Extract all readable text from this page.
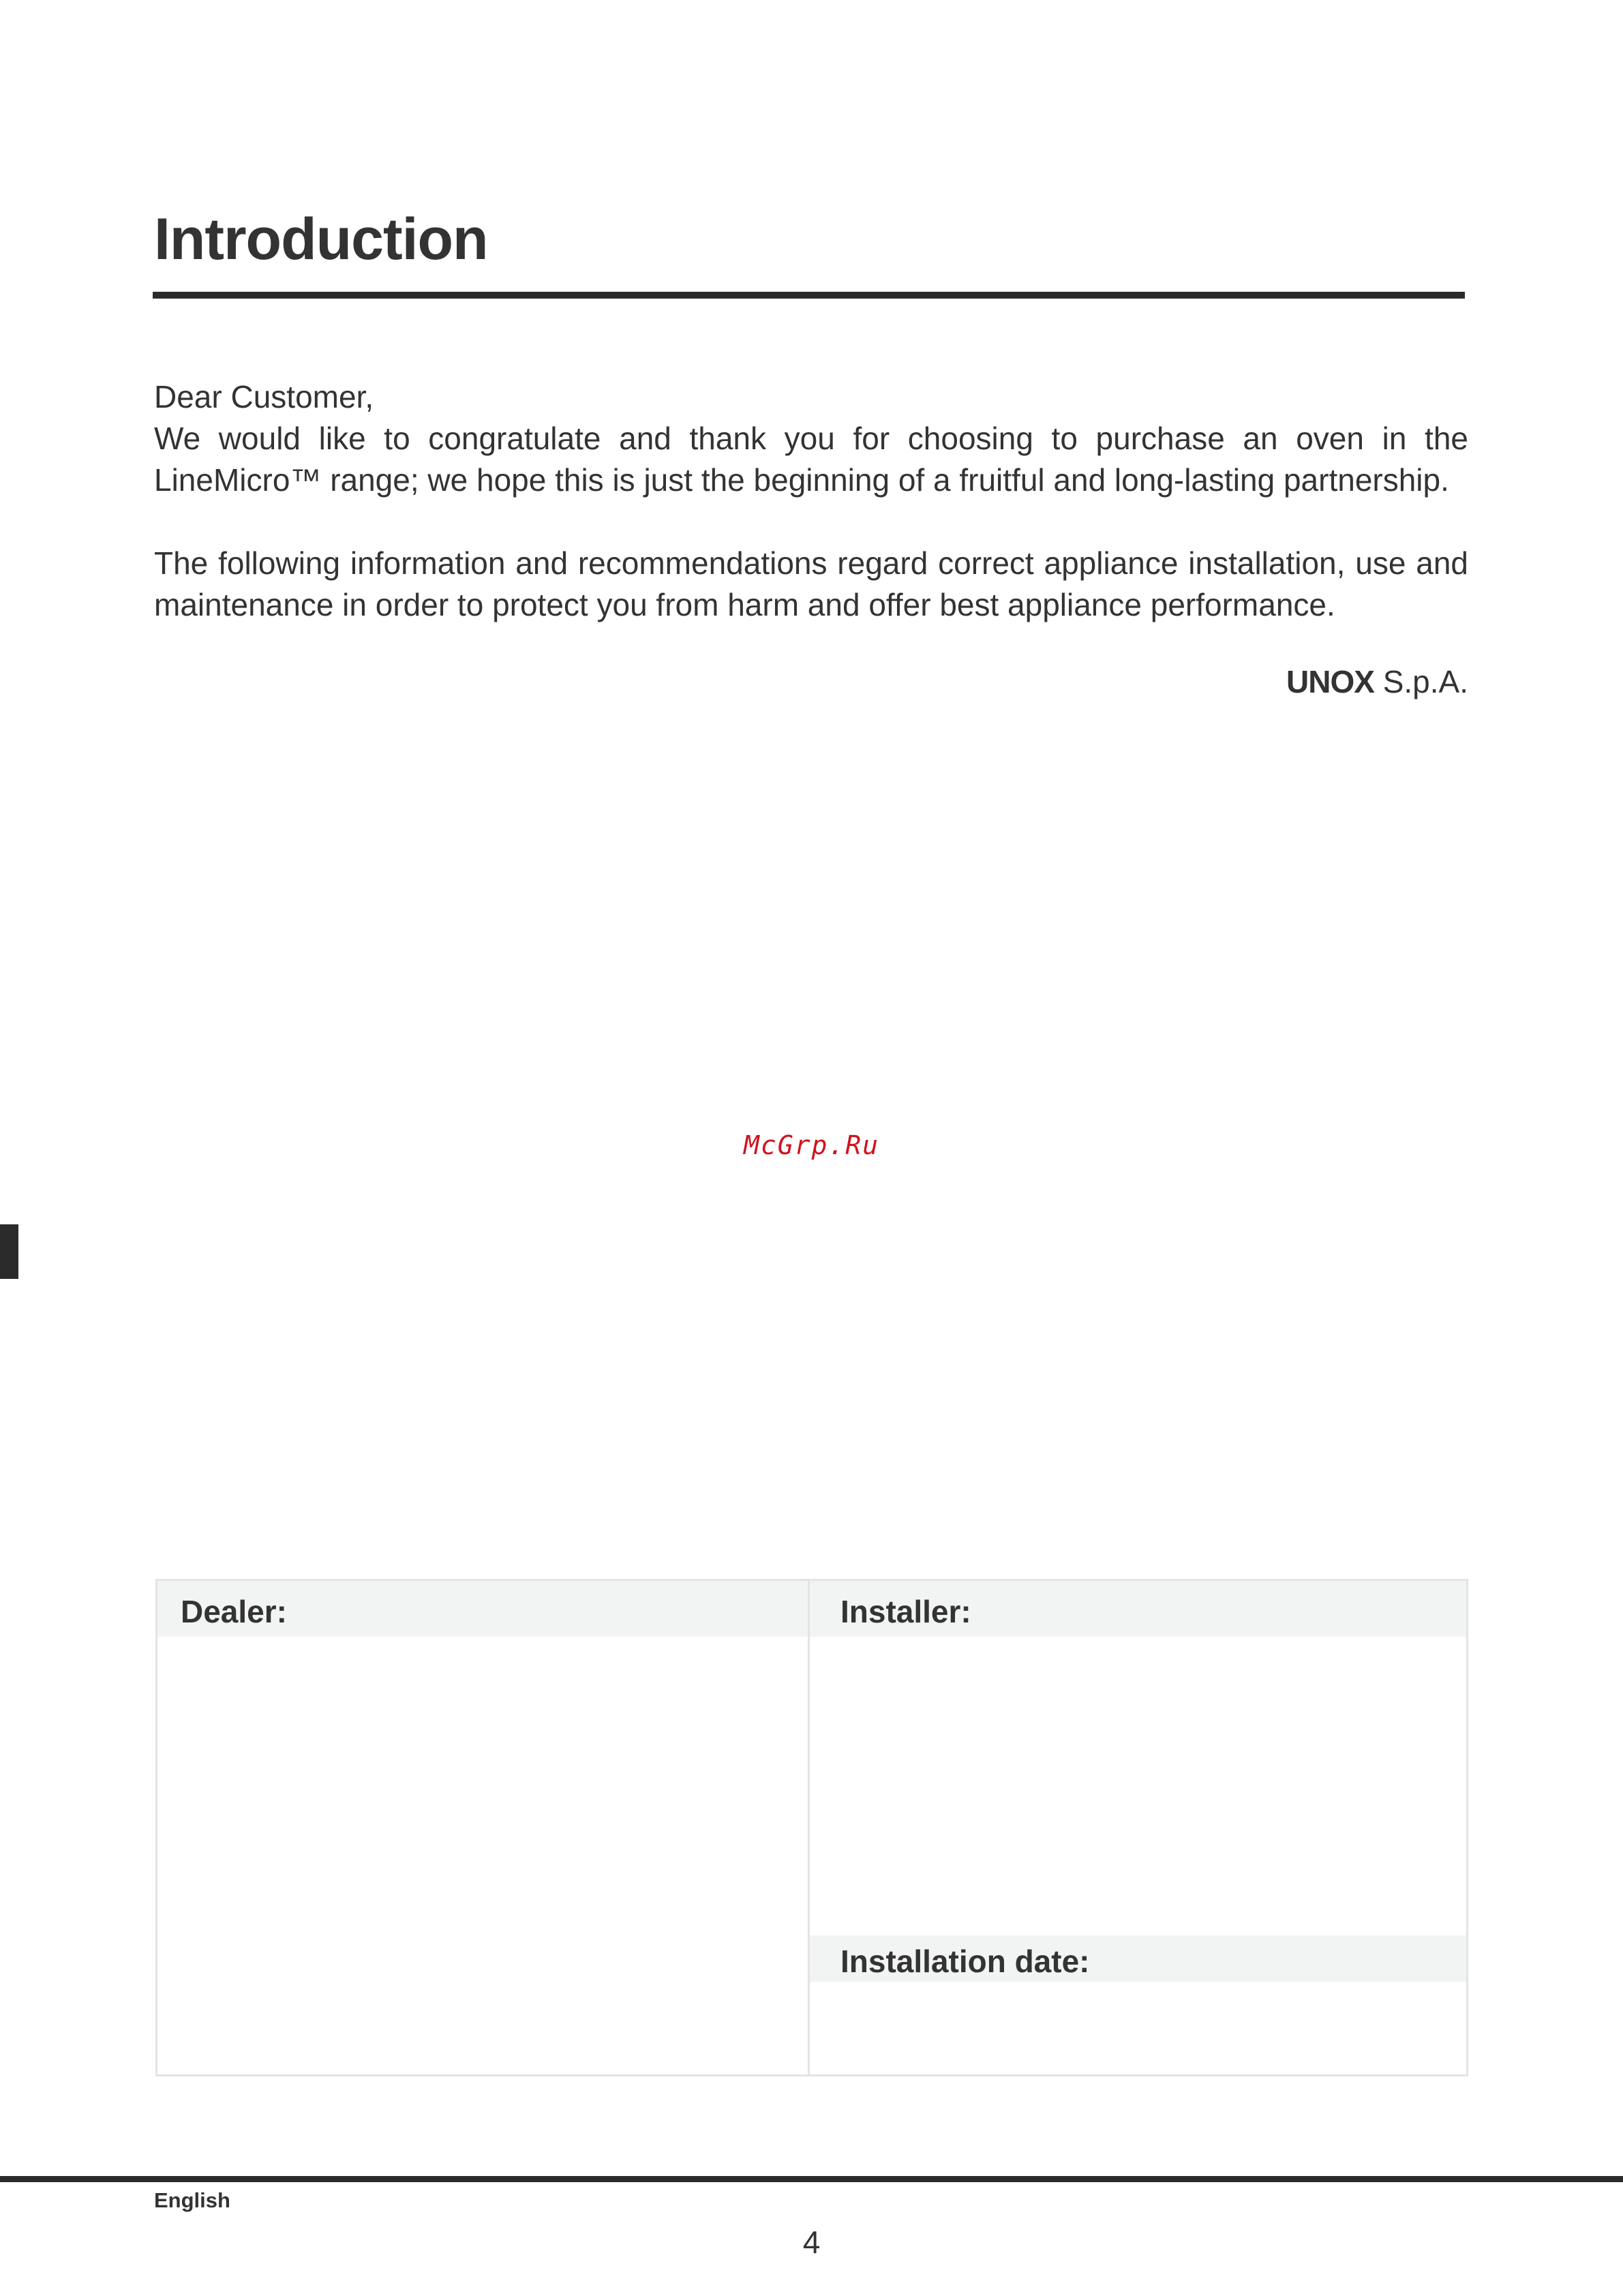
Introduction

Dear Customer,

We would like to congratulate and thank you for choosing to purchase an oven in the LineMicro™ range; we hope this is just the beginning of a fruitful and long-lasting partnership.

The following information and recommendations regard correct appliance installation, use and maintenance in order to protect you from harm and offer best appliance performance.

UNOX S.p.A.
McGrp.Ru
Dealer:	Installer:
Installation date:
English
4
